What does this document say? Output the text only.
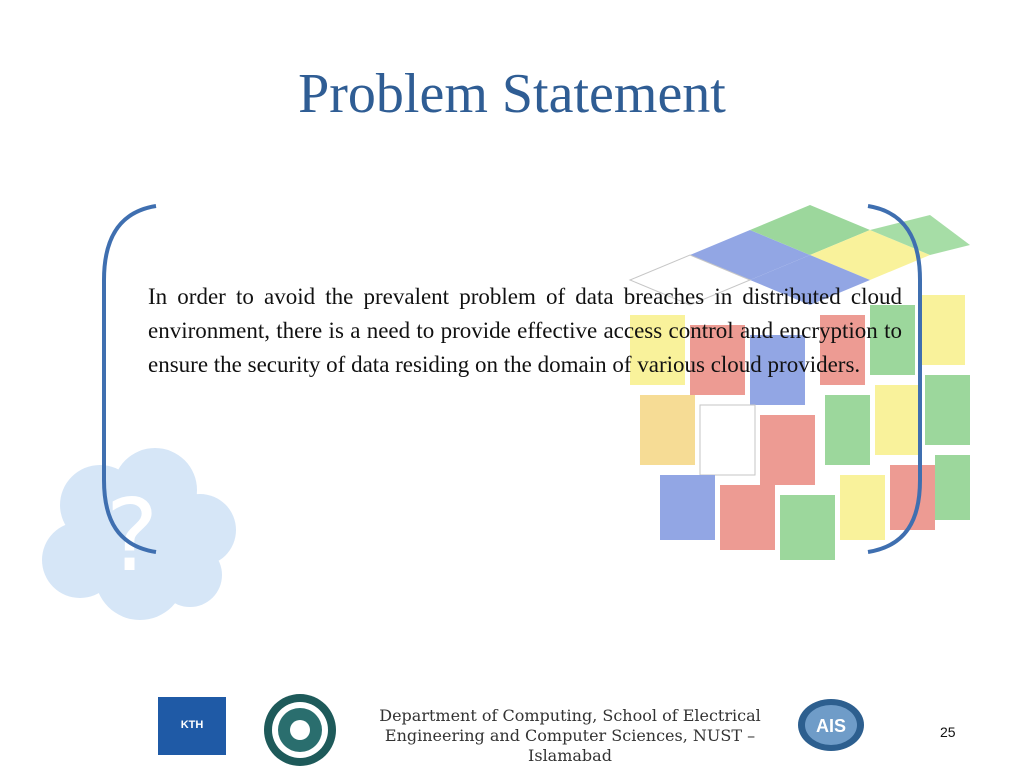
Problem Statement
?

In order to avoid the prevalent problem of data breaches in distributed cloud environment, there is a need to provide effective access control and encryption to ensure the security of data residing on the domain of various cloud providers.

KTH	Department of Computing, School of Electrical Engineering and Computer Sciences, NUST – Islamabad
AIS	25
